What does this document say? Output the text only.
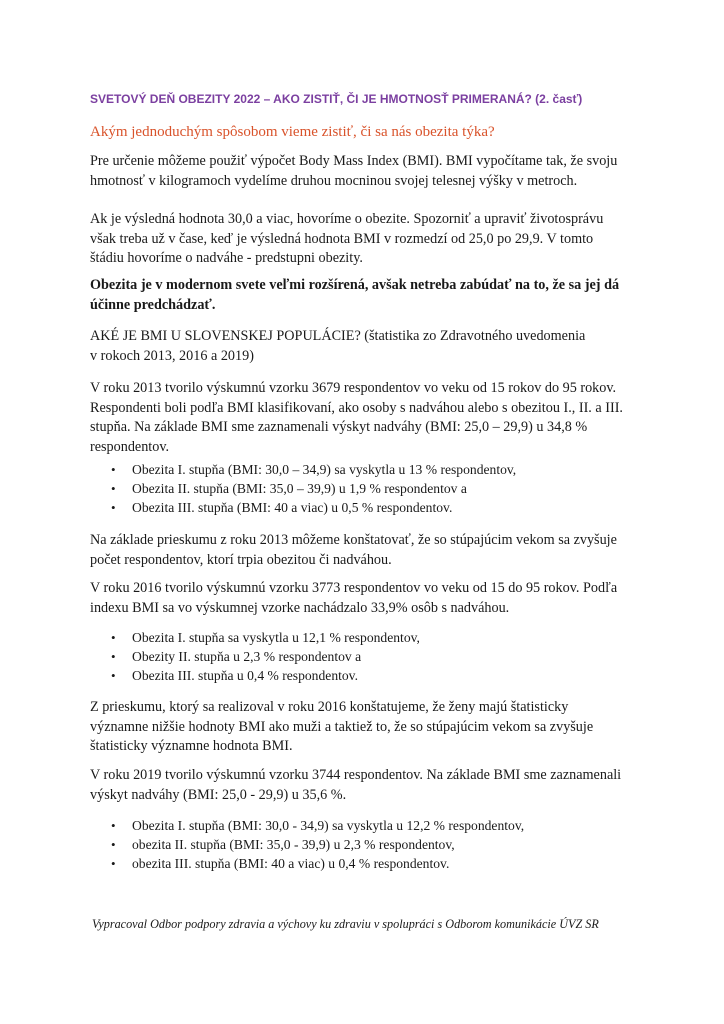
SVETOVÝ DEŇ OBEZITY 2022 – AKO ZISTIŤ, ČI JE HMOTNOSŤ PRIMERANÁ? (2. časť)
Akým jednoduchým spôsobom vieme zistiť, či sa nás obezita týka?
Pre určenie môžeme použiť výpočet Body Mass Index (BMI). BMI vypočítame tak, že svoju
hmotnosť v kilogramoch vydelíme druhou mocninou svojej telesnej výšky v metroch.
Ak je výsledná hodnota 30,0 a viac, hovoríme o obezite. Spozorniť a upraviť životosprávu
však treba už v čase, keď je výsledná hodnota BMI v rozmedzí od 25,0 po 29,9. V tomto
štádiu hovoríme o nadváhe - predstupni obezity.
Obezita je v modernom svete veľmi rozšírená, avšak netreba zabúdať na to, že sa jej dá
účinne predchádzať.
AKÉ JE BMI U SLOVENSKEJ POPULÁCIE? (štatistika zo Zdravotného uvedomenia
v rokoch 2013, 2016 a 2019)
V roku 2013 tvorilo výskumnú vzorku 3679 respondentov vo veku od 15 rokov do 95 rokov.
Respondenti boli podľa BMI klasifikovaní, ako osoby s nadváhou alebo s obezitou I., II. a III.
stupňa. Na základe BMI sme zaznamenali výskyt nadváhy (BMI: 25,0 – 29,9) u 34,8 %
respondentov.
• Obezita I. stupňa (BMI: 30,0 – 34,9) sa vyskytla u 13 % respondentov,
• Obezita II. stupňa (BMI: 35,0 – 39,9) u 1,9 % respondentov a
• Obezita III. stupňa (BMI: 40 a viac) u 0,5 % respondentov.
Na základe prieskumu z roku 2013 môžeme konštatovať, že so stúpajúcim vekom sa zvyšuje
počet respondentov, ktorí trpia obezitou či nadváhou.
V roku 2016 tvorilo výskumnú vzorku 3773 respondentov vo veku od 15 do 95 rokov. Podľa
indexu BMI sa vo výskumnej vzorke nachádzalo 33,9% osôb s nadváhou.
• Obezita I. stupňa sa vyskytla u 12,1 % respondentov,
• Obezity II. stupňa u 2,3 % respondentov a
• Obezita III. stupňa u 0,4 % respondentov.
Z prieskumu, ktorý sa realizoval v roku 2016 konštatujeme, že ženy majú štatisticky
významne nižšie hodnoty BMI ako muži a taktiež to, že so stúpajúcim vekom sa zvyšuje
štatisticky významne hodnota BMI.
V roku 2019 tvorilo výskumnú vzorku 3744 respondentov. Na základe BMI sme zaznamenali
výskyt nadváhy (BMI: 25,0 - 29,9) u 35,6 %.
• Obezita I. stupňa (BMI: 30,0 - 34,9) sa vyskytla u 12,2 % respondentov,
• obezita II. stupňa (BMI: 35,0 - 39,9) u 2,3 % respondentov,
• obezita III. stupňa (BMI: 40 a viac) u 0,4 % respondentov.
Vypracoval Odbor podpory zdravia a výchovy ku zdraviu v spolupráci s Odborom komunikácie ÚVZ SR
